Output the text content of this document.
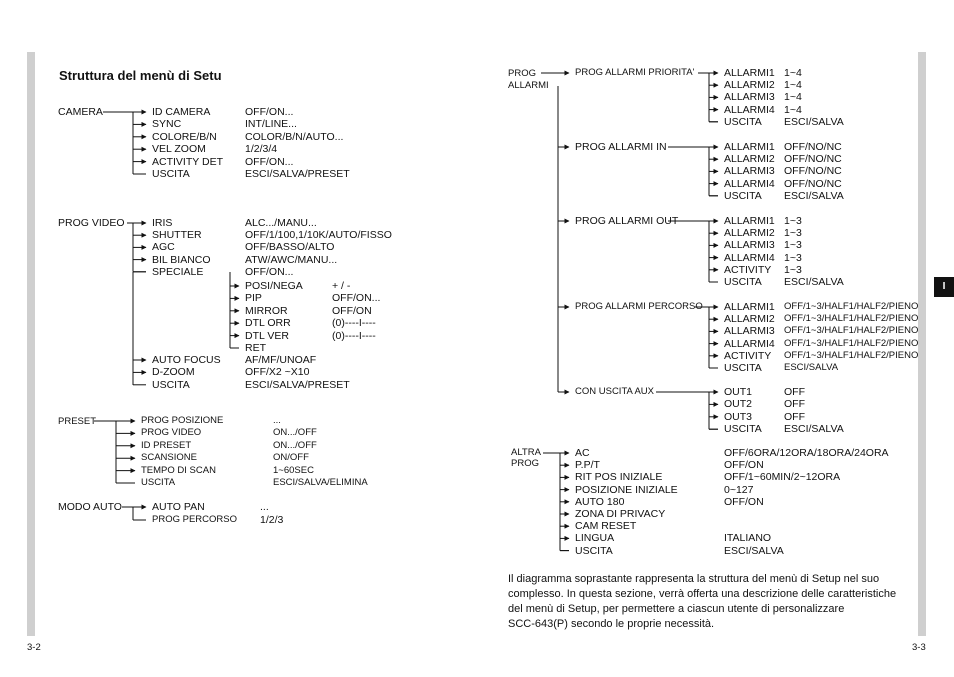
I
Struttura del menù di Setu
CAMERA	ID CAMERA	OFF/ON...
SYNC	INT/LINE...
COLORE/B/N	COLOR/B/N/AUTO...
VEL ZOOM	1/2/3/4
ACTIVITY DET OFF/ON...
USCITA	ESCI/SALVA/PRESET
PROG VIDEO	IRIS	ALC.../MANU...
SHUTTER	OFF/1/100,1/10K/AUTO/FISSO
AGC	OFF/BASSO/ALTO
BIL BIANCO	ATW/AWC/MANU...
SPECIALE	OFF/ON...
POSI/NEGA	+ / -
PIP	OFF/ON...
MIRROR	OFF/ON
DTL ORR	(0)----I----
DTL VER	(0)----I----
RET
AUTO FOCUS AF/MF/UNOAF
D-ZOOM	OFF/X2 ~X10
USCITA	ESCI/SALVA/PRESET
PRESET	PROG POSIZIONE	...
PROG VIDEO	ON.../OFF
ID PRESET	ON.../OFF
SCANSIONE	ON/OFF
TEMPO DI SCAN	1~60SEC
USCITA	ESCI/SALVA/ELIMINA
MODO AUTO	AUTO PAN	...
PROG PERCORSO 1/2/3
PROG
ALLARMI
PROG ALLARMI PRIORITA'	ALLARMI1 1~4
ALLARMI2 1~4
ALLARMI3 1~4
ALLARMI4 1~4
USCITA ESCI/SALVA
PROG ALLARMI IN	ALLARMI1 OFF/NO/NC
ALLARMI2 OFF/NO/NC
ALLARMI3 OFF/NO/NC
ALLARMI4 OFF/NO/NC
USCITA ESCI/SALVA
PROG ALLARMI OUT	ALLARMI1 1~3
ALLARMI2 1~3
ALLARMI3 1~3
ALLARMI4 1~3
ACTIVITY 1~3
USCITA ESCI/SALVA
PROG ALLARMI PERCORSO ALLARMI1 OFF/1~3/HALF1/HALF2/PIENO
ALLARMI2 OFF/1~3/HALF1/HALF2/PIENO
ALLARMI3 OFF/1~3/HALF1/HALF2/PIENO
ALLARMI4 OFF/1~3/HALF1/HALF2/PIENO
ACTIVITY OFF/1~3/HALF1/HALF2/PIENO
USCITA ESCI/SALVA
CON USCITA AUX	OUT1	OFF
OUT2	OFF
OUT3	OFF
USCITA ESCI/SALVA
ALTRA
PROG
AC	OFF/6ORA/12ORA/18ORA/24ORA
P.P/T	OFF/ON
RIT POS INIZIALE	OFF/1~60MIN/2~12ORA
POSIZIONE INIZIALE	0~127
AUTO 180	OFF/ON
ZONA DI PRIVACY
CAM RESET
LINGUA	ITALIANO
USCITA	ESCI/SALVA
Il diagramma soprastante rappresenta la struttura del menù di Setup nel suo
complesso. In questa sezione, verrà offerta una descrizione delle caratteristiche
del menù di Setup, per permettere a ciascun utente di personalizzare
SCC-643(P) secondo le proprie necessità.
3-2	3-3
